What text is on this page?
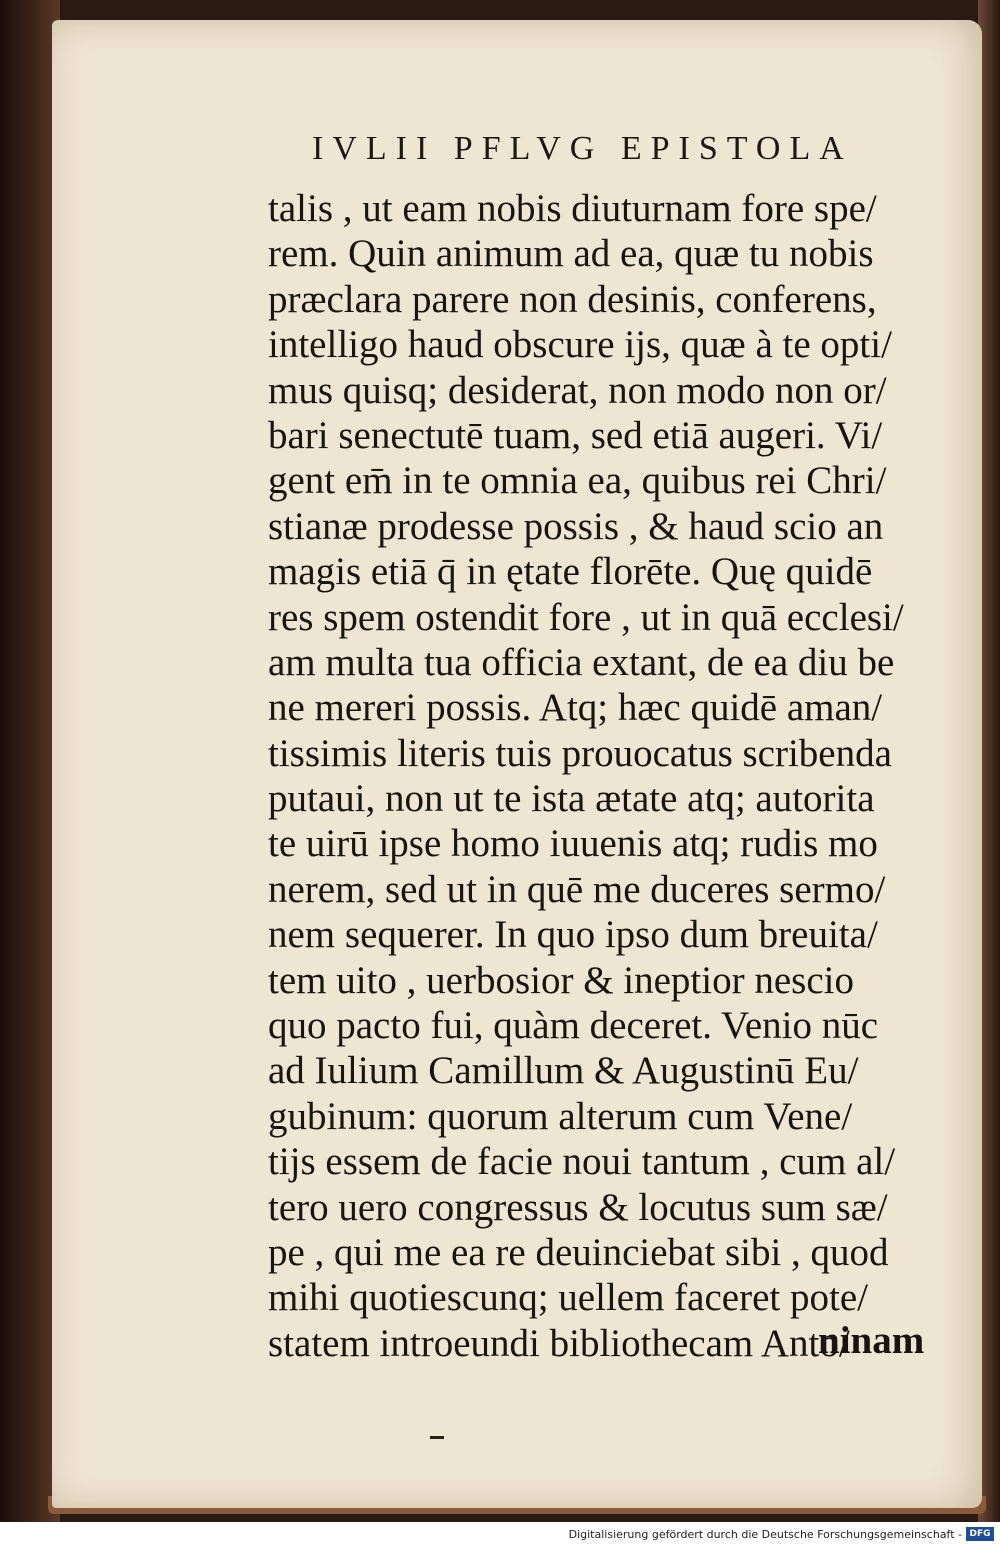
IVLII PFLVG EPISTOLA
talis , ut eam nobis diuturnam fore spe/
rem. Quin animum ad ea, quæ tu nobis
præclara parere non desinis, conferens,
intelligo haud obscure ijs, quæ à te opti/
mus quisq; desiderat, non modo non or/
bari senectutē tuam, sed etiā augeri. Vi/
gent em̄ in te omnia ea, quibus rei Chri/
stianæ prodesse possis , & haud scio an
magis etiā q̄ in ętate florēte. Quę quidē
res spem ostendit fore , ut in quā ecclesi/
am multa tua officia extant, de ea diu be
ne mereri possis. Atq; hæc quidē aman/
tissimis literis tuis prouocatus scribenda
putaui, non ut te ista ætate atq; autorita
te uirū ipse homo iuuenis atq; rudis mo
nerem, sed ut in quē me duceres sermo/
nem sequerer. In quo ipso dum breuita/
tem uito , uerbosior & ineptior nescio
quo pacto fui, quàm deceret. Venio nūc
ad Iulium Camillum & Augustinū Eu/
gubinum: quorum alterum cum Vene/
tijs essem de facie noui tantum , cum al/
tero uero congressus & locutus sum sæ/
pe , qui me ea re deuinciebat sibi , quod
mihi quotiescunq; uellem faceret pote/
statem introeundi bibliothecam Anto/
ninam
Digitalisierung gefördert durch die Deutsche Forschungsgemeinschaft - DFG
